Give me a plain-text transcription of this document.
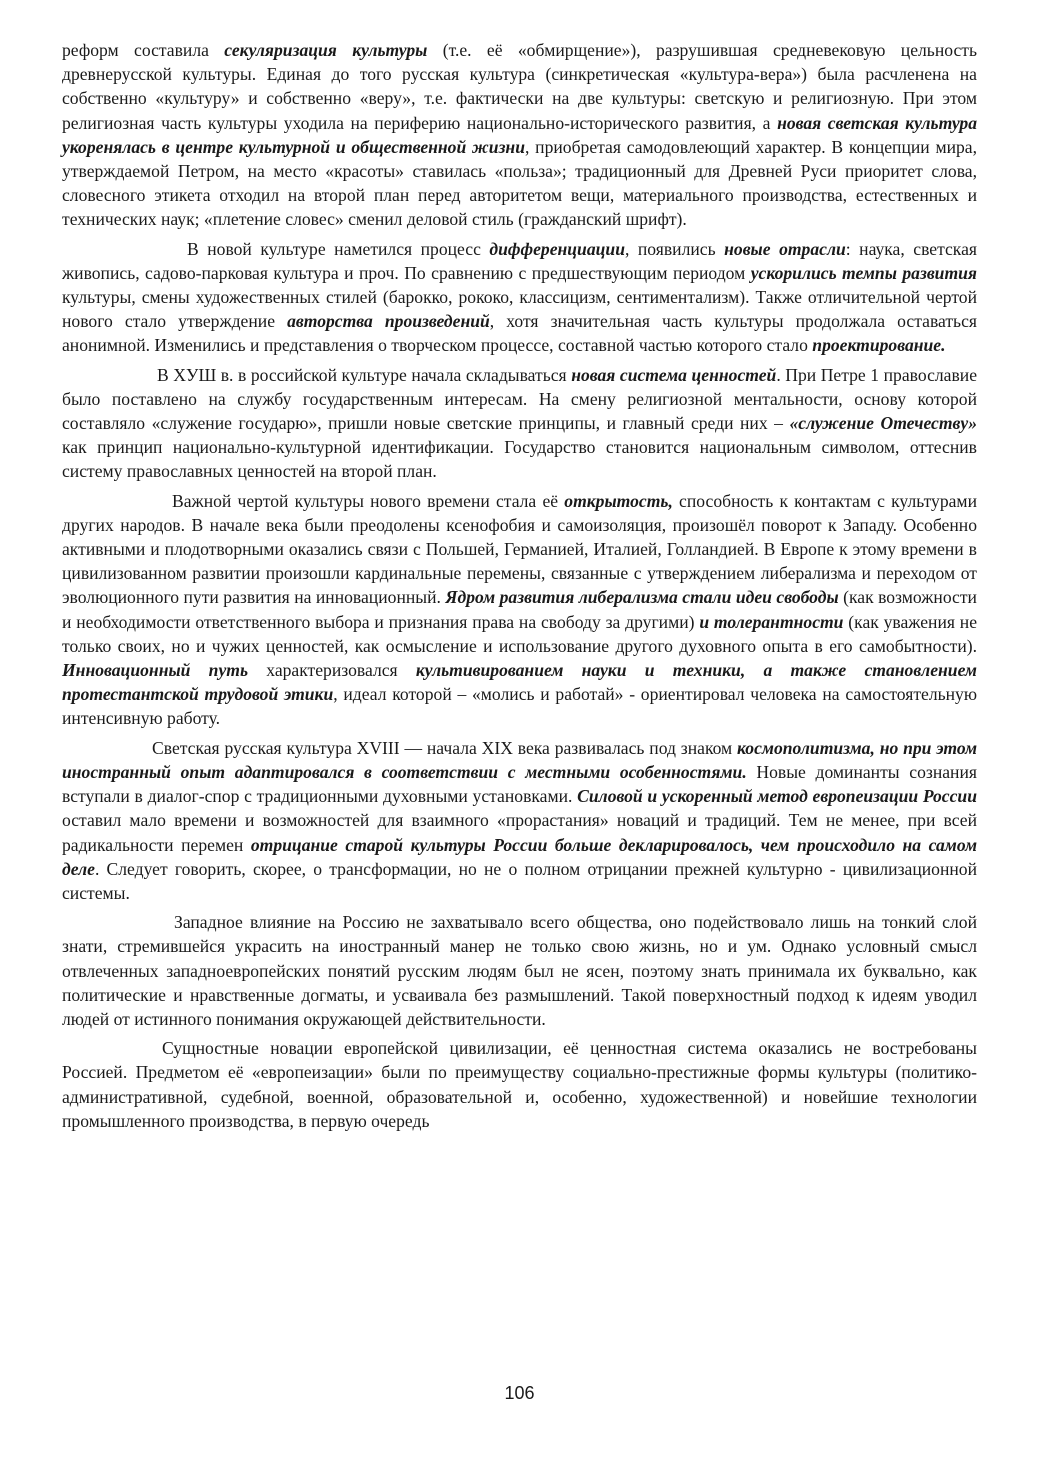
реформ составила секуляризация культуры (т.е. её «обмирщение»), разрушившая средневековую цельность древнерусской культуры. Единая до того русская культура (синкретическая «культура-вера») была расчленена на собственно «культуру» и собственно «веру», т.е. фактически на две культуры: светскую и религиозную. При этом религиозная часть культуры уходила на периферию национально-исторического развития, а новая светская культура укоренялась в центре культурной и общественной жизни, приобретая самодовлеющий характер. В концепции мира, утверждаемой Петром, на место «красоты» ставилась «польза»; традиционный для Древней Руси приоритет слова, словесного этикета отходил на второй план перед авторитетом вещи, материального производства, естественных и технических наук; «плетение словес» сменил деловой стиль (гражданский шрифт).

В новой культуре наметился процесс дифференциации, появились новые отрасли: наука, светская живопись, садово-парковая культура и проч. По сравнению с предшествующим периодом ускорились темпы развития культуры, смены художественных стилей (барокко, рококо, классицизм, сентиментализм). Также отличительной чертой нового стало утверждение авторства произведений, хотя значительная часть культуры продолжала оставаться анонимной. Изменились и представления о творческом процессе, составной частью которого стало проектирование.

В ХУШ в. в российской культуре начала складываться новая система ценностей. При Петре 1 православие было поставлено на службу государственным интересам. На смену религиозной ментальности, основу которой составляло «служение государю», пришли новые светские принципы, и главный среди них – «служение Отечеству» как принцип национально-культурной идентификации. Государство становится национальным символом, оттеснив систему православных ценностей на второй план.

Важной чертой культуры нового времени стала её открытость, способность к контактам с культурами других народов. В начале века были преодолены ксенофобия и самоизоляция, произошёл поворот к Западу. Особенно активными и плодотворными оказались связи с Польшей, Германией, Италией, Голландией. В Европе к этому времени в цивилизованном развитии произошли кардинальные перемены, связанные с утверждением либерализма и переходом от эволюционного пути развития на инновационный. Ядром развития либерализма стали идеи свободы (как возможности и необходимости ответственного выбора и признания права на свободу за другими) и толерантности (как уважения не только своих, но и чужих ценностей, как осмысление и использование другого духовного опыта в его самобытности). Инновационный путь характеризовался культивированием науки и техники, а также становлением протестантской трудовой этики, идеал которой – «молись и работай» - ориентировал человека на самостоятельную интенсивную работу.

Светская русская культура XVIII — начала XIX века развивалась под знаком космополитизма, но при этом иностранный опыт адаптировался в соответствии с местными особенностями. Новые доминанты сознания вступали в диалог-спор с традиционными духовными установками. Силовой и ускоренный метод европеизации России оставил мало времени и возможностей для взаимного «прорастания» новаций и традиций. Тем не менее, при всей радикальности перемен отрицание старой культуры России больше декларировалось, чем происходило на самом деле. Следует говорить, скорее, о трансформации, но не о полном отрицании прежней культурно - цивилизационной системы.

Западное влияние на Россию не захватывало всего общества, оно подействовало лишь на тонкий слой знати, стремившейся украсить на иностранный манер не только свою жизнь, но и ум. Однако условный смысл отвлеченных западноевропейских понятий русским людям был не ясен, поэтому знать принимала их буквально, как политические и нравственные догматы, и усваивала без размышлений. Такой поверхностный подход к идеям уводил людей от истинного понимания окружающей действительности.

Сущностные новации европейской цивилизации, её ценностная система оказались не востребованы Россией. Предметом её «европеизации» были по преимуществу социально-престижные формы культуры (политико-административной, судебной, военной, образовательной и, особенно, художественной) и новейшие технологии промышленного производства, в первую очередь

106
